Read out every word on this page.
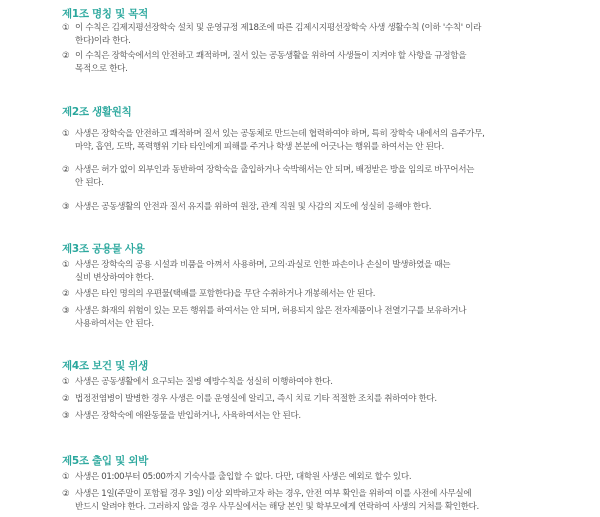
제1조 명칭 및 목적
① 이 수칙은 김제지평선장학숙 설치 및 운영규정 제18조에 따른 김제시지평선장학숙 사생 생활수칙 (이하 '수칙' 이라
한다)이라 한다.
② 이 수칙은 장학숙에서의 안전하고 쾌적하며, 질서 있는 공동생활을 위하여 사생들이 지켜야 할 사항을 규정함을
목적으로 한다.
제2조 생활원칙
① 사생은 장학숙을 안전하고 쾌적하며 질서 있는 공동체로 만드는데 협력하여야 하며, 특히 장학숙 내에서의 음주가무,
마약, 흡연, 도박, 폭력행위 기타 타인에게 피해를 주거나 학생 본분에 어긋나는 행위를 하여서는 안 된다.
② 사생은 허가 없이 외부인과 동반하여 장학숙을 출입하거나 숙박해서는 안 되며, 배정받은 방을 임의로 바꾸어서는
안 된다.
③ 사생은 공동생활의 안전과 질서 유지를 위하여 원장, 관계 직원 및 사감의 지도에 성실히 응해야 한다.
제3조 공용물 사용
① 사생은 장학숙의 공용 시설과 비품을 아껴서 사용하며, 고의·과실로 인한 파손이나 손실이 발생하였을 때는
실비 변상하여야 한다.
② 사생은 타인 명의의 우편물(택배를 포함한다)을 무단 수취하거나 개봉해서는 안 된다.
③ 사생은 화재의 위험이 있는 모든 행위를 하여서는 안 되며, 허용되지 않은 전자제품이나 전열기구를 보유하거나
사용하여서는 안 된다.
제4조 보건 및 위생
① 사생은 공동생활에서 요구되는 질병 예방수칙을 성실히 이행하여야 한다.
② 법정전염병이 발병한 경우 사생은 이를 운영실에 알리고, 즉시 치료 기타 적절한 조치를 취하여야 한다.
③ 사생은 장학숙에 애완동물을 반입하거나, 사육하여서는 안 된다.
제5조 출입 및 외박
① 사생은 01:00부터 05:00까지 기숙사를 출입할 수 없다. 다만, 대학원 사생은 예외로 할수 있다.
② 사생은 1일(주말이 포함될 경우 3일) 이상 외박하고자 하는 경우, 안전 여부 확인을 위하여 이를 사전에 사무실에
반드시 알려야 한다. 그러하지 않을 경우 사무실에서는 해당 본인 및 학부모에게 연락하여 사생의 거처를 확인한다.
